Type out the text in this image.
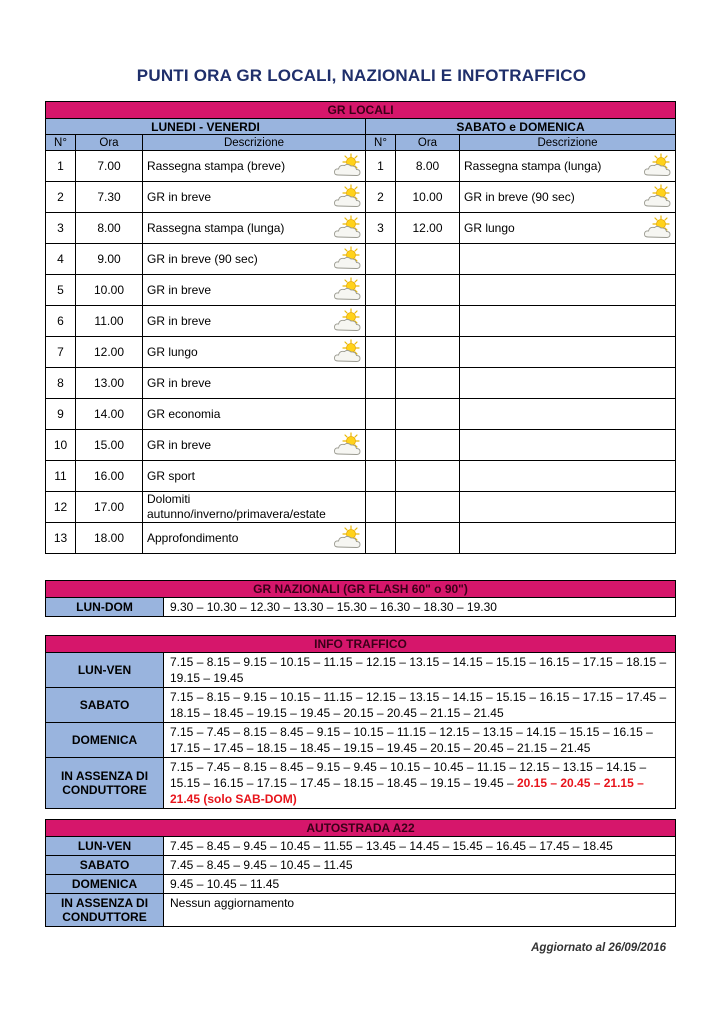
PUNTI ORA GR LOCALI, NAZIONALI E INFOTRAFFICO
GR LOCALI					
LUNEDI - VENERDI			SABATO e DOMENICA		
N°	Ora	Descrizione	N°	Ora	Descrizione
1	7.00	Rassegna stampa (breve)	1	8.00	Rassegna stampa (lunga)

2	7.30	GR in breve	2	10.00	GR in breve (90 sec)

3	8.00	Rassegna stampa (lunga)	3	12.00	GR lungo

4	9.00	GR in breve (90 sec)

5	10.00	GR in breve

6	11.00	GR in breve

7	12.00	GR lungo

8	13.00	GR in breve			
9	14.00	GR economia			
10	15.00	GR in breve

11	16.00	GR sport			
12	17.00	Dolomiti autunno/inverno/primavera/estate			

13	18.00	Approfondimento

GR NAZIONALI (GR FLASH 60" o 90")
LUN-DOM	9.30 – 10.30 – 12.30 – 13.30 – 15.30 – 16.30 – 18.30 – 19.30
INFO TRAFFICO	
LUN-VEN	7.15 – 8.15 – 9.15 – 10.15 – 11.15 – 12.15 – 13.15 – 14.15 – 15.15 – 16.15 – 17.15 – 18.15 – 19.15 – 19.45
SABATO	7.15 – 8.15 – 9.15 – 10.15 – 11.15 – 12.15 – 13.15 – 14.15 – 15.15 – 16.15 – 17.15 – 17.45 – 18.15 – 18.45 – 19.15 – 19.45 – 20.15 – 20.45 – 21.15 – 21.45
DOMENICA	7.15 – 7.45 – 8.15 – 8.45 – 9.15 – 10.15 – 11.15 – 12.15 – 13.15 – 14.15 – 15.15 – 16.15 – 17.15 – 17.45 – 18.15 – 18.45 – 19.15 – 19.45 – 20.15 – 20.45 – 21.15 – 21.45
IN ASSENZA DI CONDUTTORE	7.15 – 7.45 – 8.15 – 8.45 – 9.15 – 9.45 – 10.15 – 10.45 – 11.15 – 12.15 – 13.15 – 14.15 – 15.15 – 16.15 – 17.15 – 17.45 – 18.15 – 18.45 – 19.15 – 19.45 – 20.15 – 20.45 – 21.15 – 21.45 (solo SAB-DOM)
AUTOSTRADA A22	
LUN-VEN	7.45 – 8.45 – 9.45 – 10.45 – 11.55 – 13.45 – 14.45 – 15.45 – 16.45 – 17.45 – 18.45
SABATO	7.45 – 8.45 – 9.45 – 10.45 – 11.45
DOMENICA	9.45 – 10.45 – 11.45
IN ASSENZA DI CONDUTTORE	Nessun aggiornamento
Aggiornato al 26/09/2016
